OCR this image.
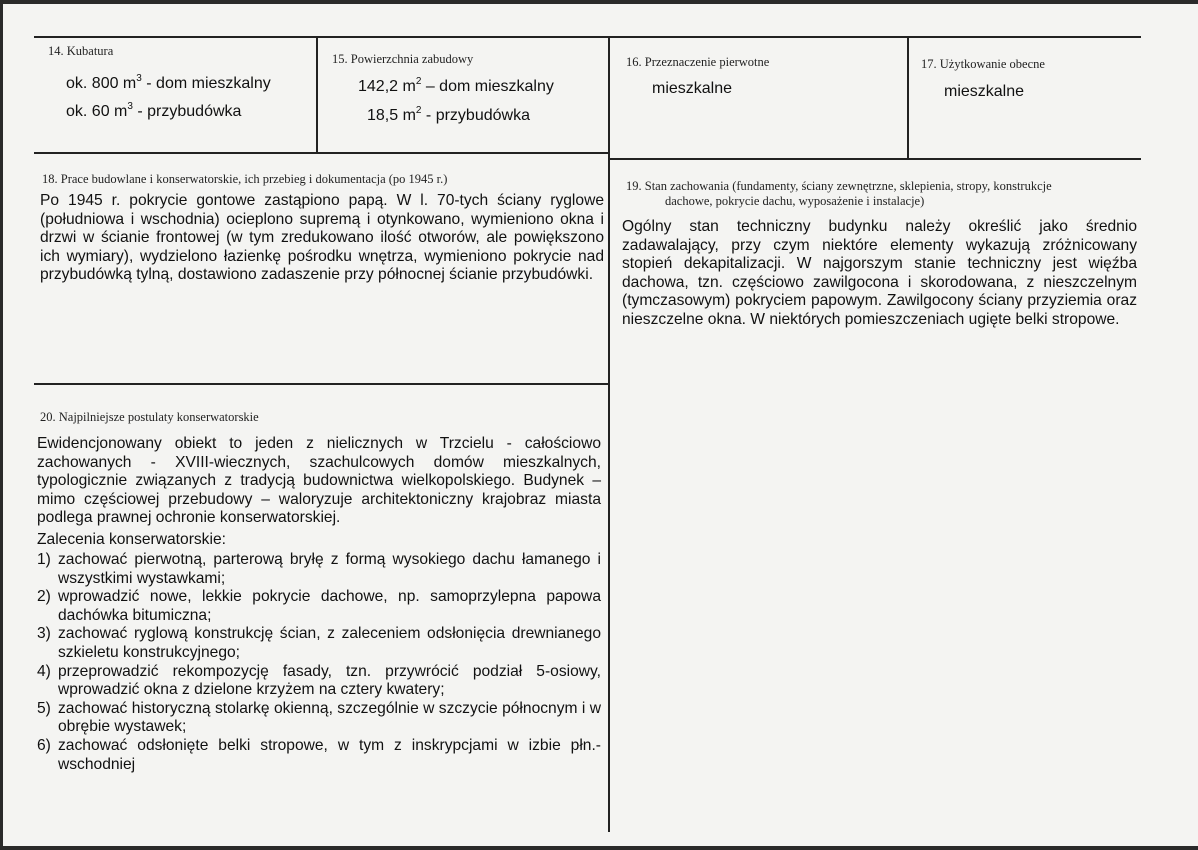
14. Kubatura

ok. 800 $m^3$ - dom mieszkalny

ok. 60 $m^3$ - przybudówka

15. Powierzchnia zabudowy

142,2 $m^2$ – dom mieszkalny

18,5 $m^2$ - przybudówka

16. Przeznaczenie pierwotne

mieszkalne

17. Użytkowanie obecne

mieszkalne

18. Prace budowlane i konserwatorskie, ich przebieg i dokumentacja (po 1945 r.)

Po 1945 r. pokrycie gontowe zastąpiono papą. W l. 70-tych ściany ryglowe (południowa i wschodnia) ocieplono supremą i otynkowano, wymieniono okna i drzwi w ścianie frontowej (w tym zredukowano ilość otworów, ale powiększono ich wymiary), wydzielono łazienkę pośrodku wnętrza, wymieniono pokrycie nad przybudówką tylną, dostawiono zadaszenie przy północnej ścianie przybudówki.

19. Stan zachowania (fundamenty, ściany zewnętrzne, sklepienia, stropy, konstrukcje

dachowe, pokrycie dachu, wyposażenie i instalacje)

Ogólny stan techniczny budynku należy określić jako średnio zadawalający, przy czym niektóre elementy wykazują zróżnicowany stopień dekapitalizacji. W najgorszym stanie techniczny jest więźba dachowa, tzn. częściowo zawilgocona i skorodowana, z nieszczelnym (tymczasowym) pokryciem papowym. Zawilgocony ściany przyziemia oraz nieszczelne okna. W niektórych pomieszczeniach ugięte belki stropowe.

20. Najpilniejsze postulaty konserwatorskie

Ewidencjonowany obiekt to jeden z nielicznych w Trzcielu - całościowo zachowanych - XVIII-wiecznych, szachulcowych domów mieszkalnych, typologicznie związanych z tradycją budownictwa wielkopolskiego. Budynek – mimo częściowej przebudowy – waloryzuje architektoniczny krajobraz miasta podlega prawnej ochronie konserwatorskiej.

Zalecenia konserwatorskie:

1) zachować pierwotną, parterową bryłę z formą wysokiego dachu łamanego i wszystkimi wystawkami;
2) wprowadzić nowe, lekkie pokrycie dachowe, np. samoprzylepna papowa dachówka bitumiczna;
3) zachować ryglową konstrukcję ścian, z zaleceniem odsłonięcia drewnianego szkieletu konstrukcyjnego;
4) przeprowadzić rekompozycję fasady, tzn. przywrócić podział 5-osiowy, wprowadzić okna z dzielone krzyżem na cztery kwatery;
5) zachować historyczną stolarkę okienną, szczególnie w szczycie północnym i w obrębie wystawek;
6) zachować odsłonięte belki stropowe, w tym z inskrypcjami w izbie płn.-wschodniej
